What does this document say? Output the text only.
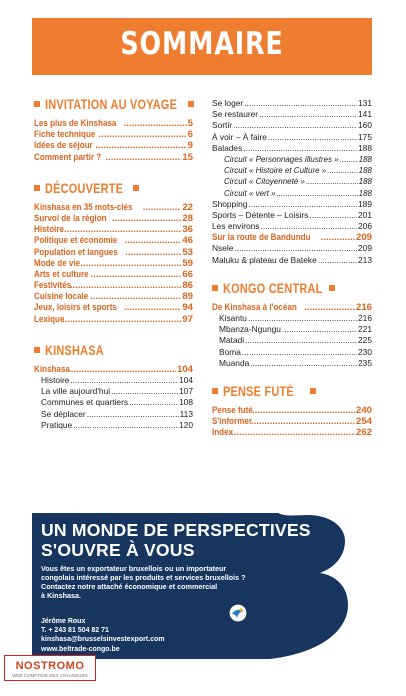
SOMMAIRE
INVITATION AU VOYAGE
Les plus de Kinshasa .....	5
Fiche technique .....	6
Idées de séjour .....	9
Comment partir ? .....	15
DÉCOUVERTE
Kinshasa en 35 mots-clés .....	22
Survol de la région .....	28
Histoire .....	36
Politique et économie .....	46
Population et langues .....	53
Mode de vie .....	59
Arts et culture .....	66
Festivités .....	86
Cuisine locale .....	89
Jeux, loisirs et sports .....	94
Lexique .....	97
KINSHASA
Kinshasa .....	104
Histoire .....	104
La ville aujourd'hui .....	107
Communes et quartiers .....	108
Se déplacer .....	113
Pratique .....	120
Se loger .....	131
Se restaurer .....	141
Sortir .....	160
À voir – À faire .....	175
Balades .....	188
Circuit « Personnages illustres » ..... 188
Circuit « Histoire et Culture » .....	188
Circuit « Citoyenneté » .....	188
Circuit « vert » .....	188
Shopping .....	189
Sports – Détente – Loisirs .....	201
Les environs .....	206
Sur la route de Bandundu .....	209
Nsele .....	209
Maluku & plateau de Bateke .....	213
KONGO CENTRAL
De Kinshasa à l'océan .....	216
Kisantu .....	216
Mbanza-Ngungu .....	221
Matadi .....	225
Boma .....	230
Muanda .....	235
PENSE FUTÉ
Pense futé .....	240
S'informer .....	254
Index .....	262
UN MONDE DE PERSPECTIVES
S'OUVRE À VOUS
Vous êtes un exportateur bruxellois ou un importateur
congolais intéressé par les produits et services bruxellois ?
Contactez notre attaché économique et commercial
à Kinshasa.
Jérôme Roux
T. + 243 81 504 82 71
kinshasa@brusselsinvestexport.com
www.beltrade-congo.be
invest-export
.brussels
créateur de perspectives
NOSTROMO
WEB COMPTOIR DES VOYAGEURS
